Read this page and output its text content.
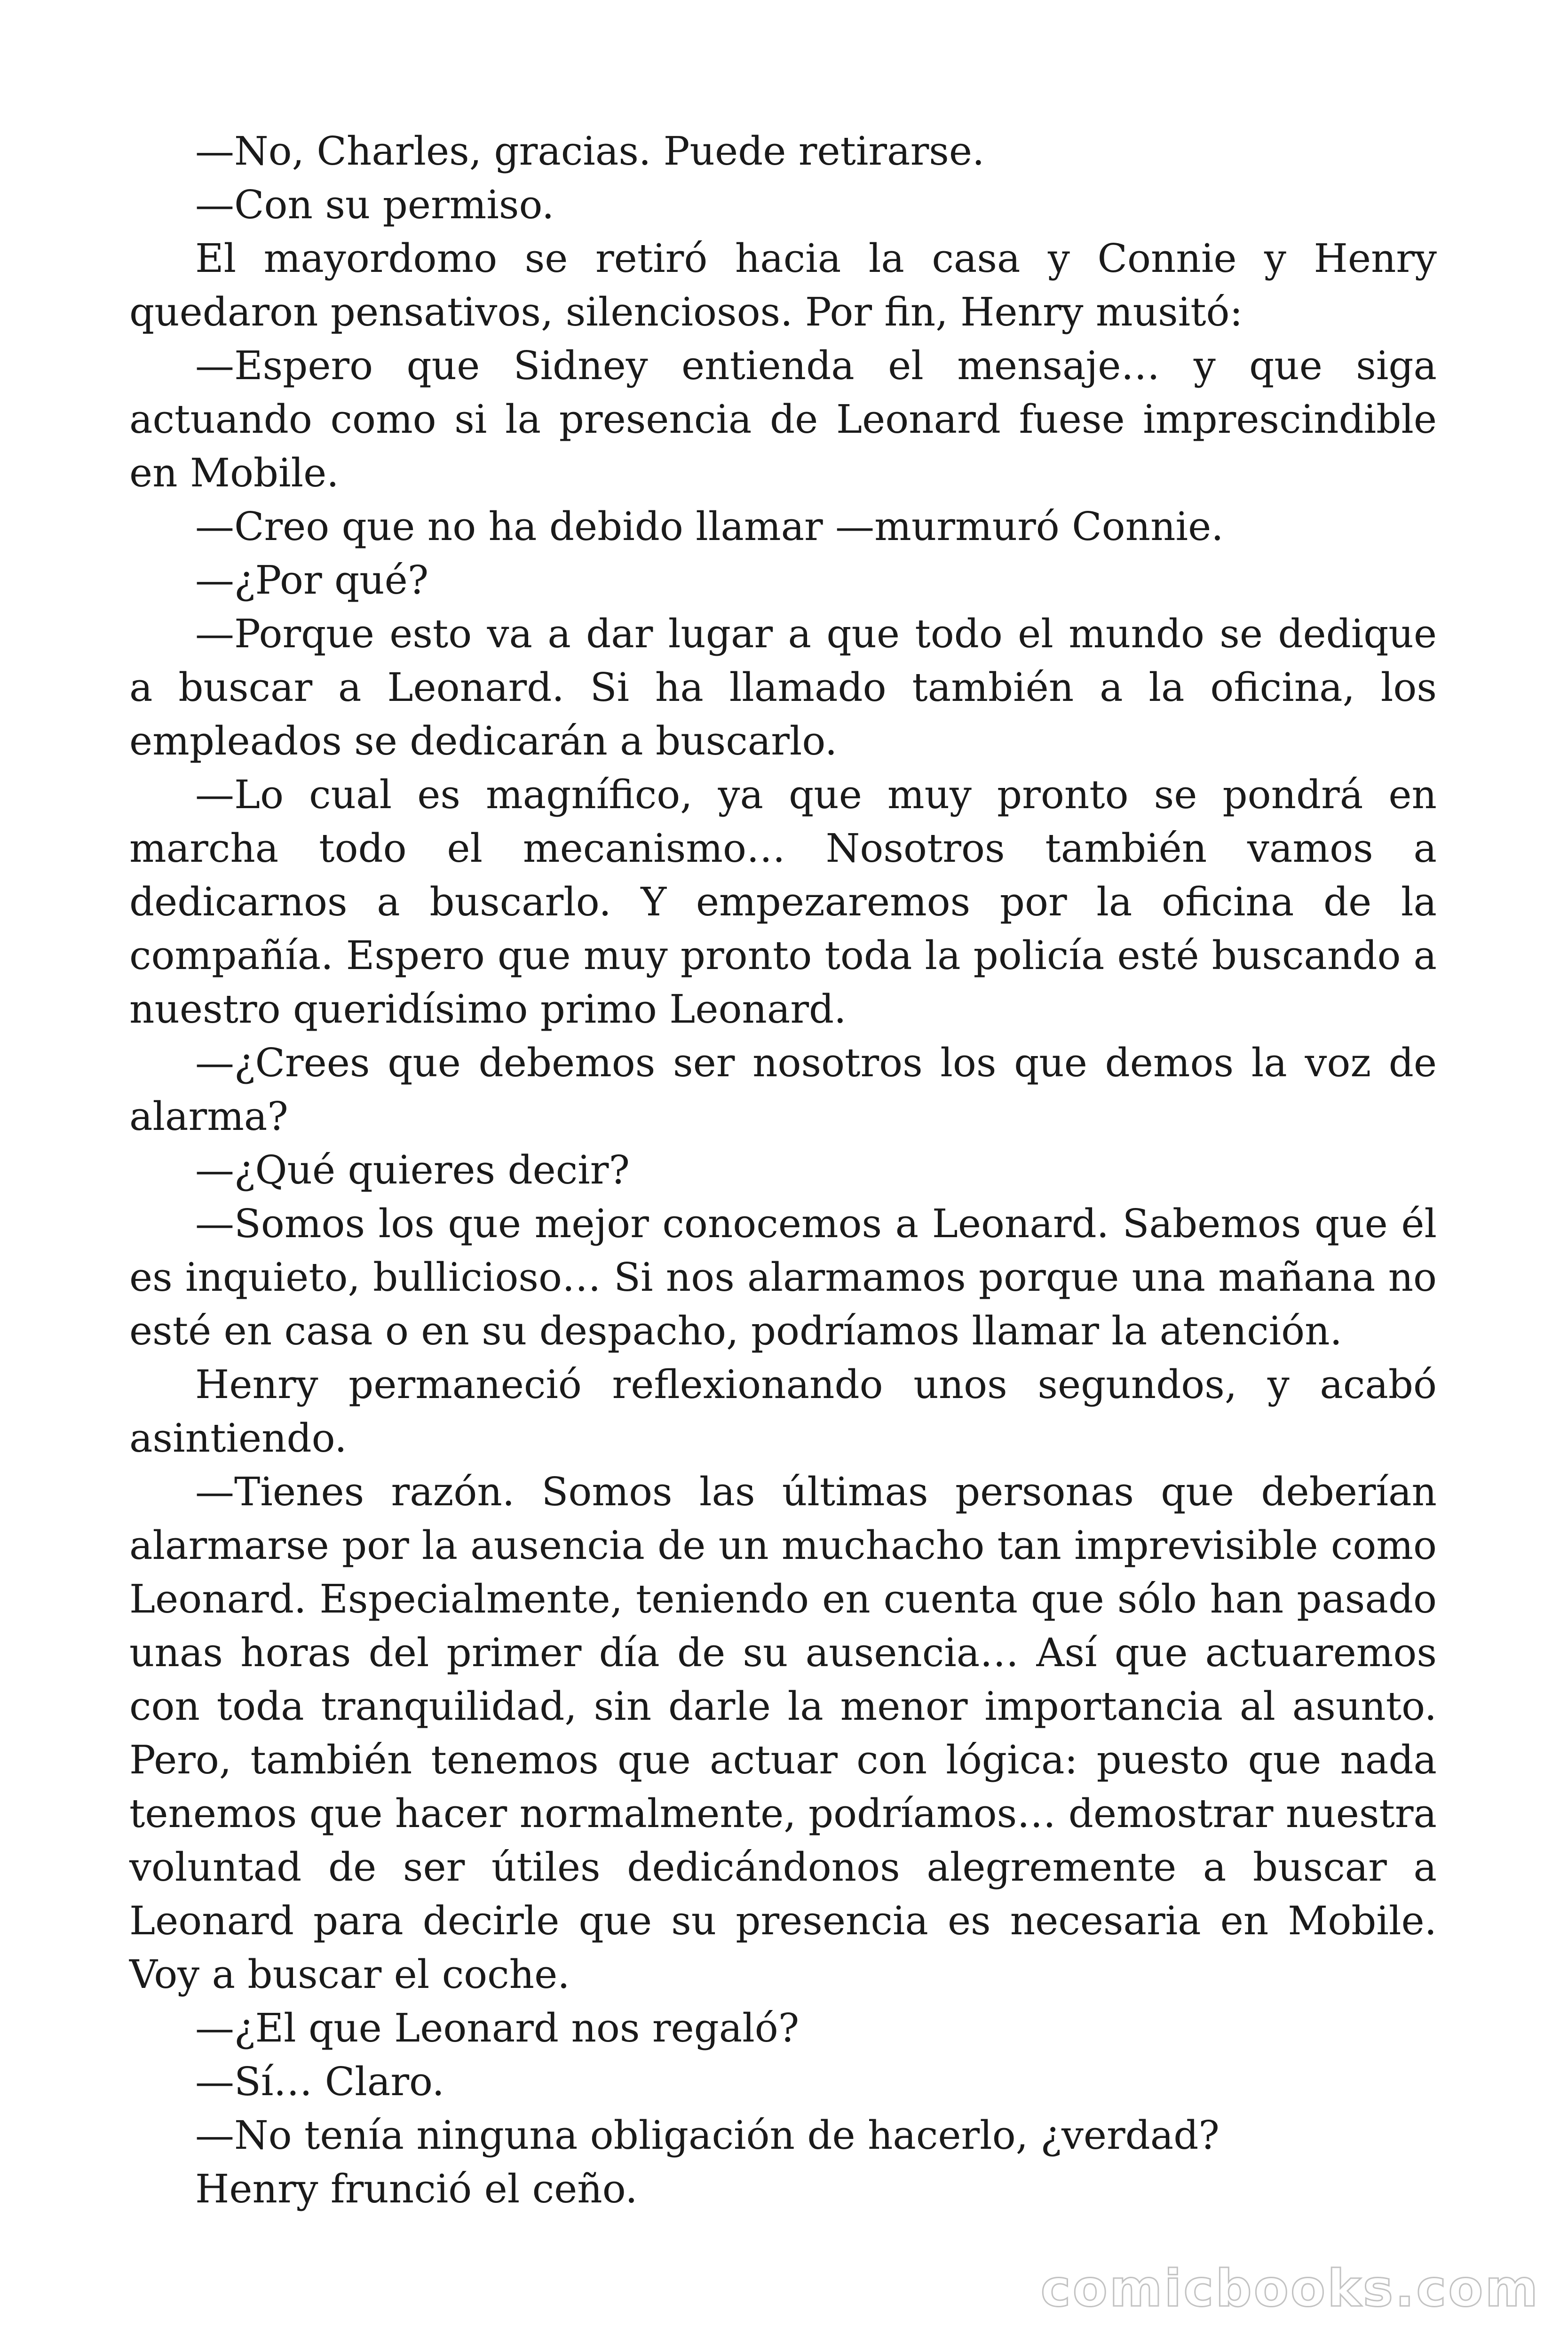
—No, Charles, gracias. Puede retirarse.

—Con su permiso.

El mayordomo se retiró hacia la casa y Connie y Henry quedaron pensativos, silenciosos. Por fin, Henry musitó:

—Espero que Sidney entienda el mensaje… y que siga actuando como si la presencia de Leonard fuese imprescindible en Mobile.

—Creo que no ha debido llamar —murmuró Connie.

—¿Por qué?

—Porque esto va a dar lugar a que todo el mundo se dedique a buscar a Leonard. Si ha llamado también a la oficina, los empleados se dedicarán a buscarlo.

—Lo cual es magnífico, ya que muy pronto se pondrá en marcha todo el mecanismo… Nosotros también vamos a dedicarnos a buscarlo. Y empezaremos por la oficina de la compañía. Espero que muy pronto toda la policía esté buscando a nuestro queridísimo primo Leonard.

—¿Crees que debemos ser nosotros los que demos la voz de alarma?

—¿Qué quieres decir?

—Somos los que mejor conocemos a Leonard. Sabemos que él es inquieto, bullicioso… Si nos alarmamos porque una mañana no esté en casa o en su despacho, podríamos llamar la atención.

Henry permaneció reflexionando unos segundos, y acabó asintiendo.

—Tienes razón. Somos las últimas personas que deberían alarmarse por la ausencia de un muchacho tan imprevisible como Leonard. Especialmente, teniendo en cuenta que sólo han pasado unas horas del primer día de su ausencia… Así que actuaremos con toda tranquilidad, sin darle la menor importancia al asunto. Pero, también tenemos que actuar con lógica: puesto que nada tenemos que hacer normalmente, podríamos… demostrar nuestra voluntad de ser útiles dedicándonos alegremente a buscar a Leonard para decirle que su presencia es necesaria en Mobile. Voy a buscar el coche.

—¿El que Leonard nos regaló?

—Sí… Claro.

—No tenía ninguna obligación de hacerlo, ¿verdad?

Henry frunció el ceño.

comicbooks.com
